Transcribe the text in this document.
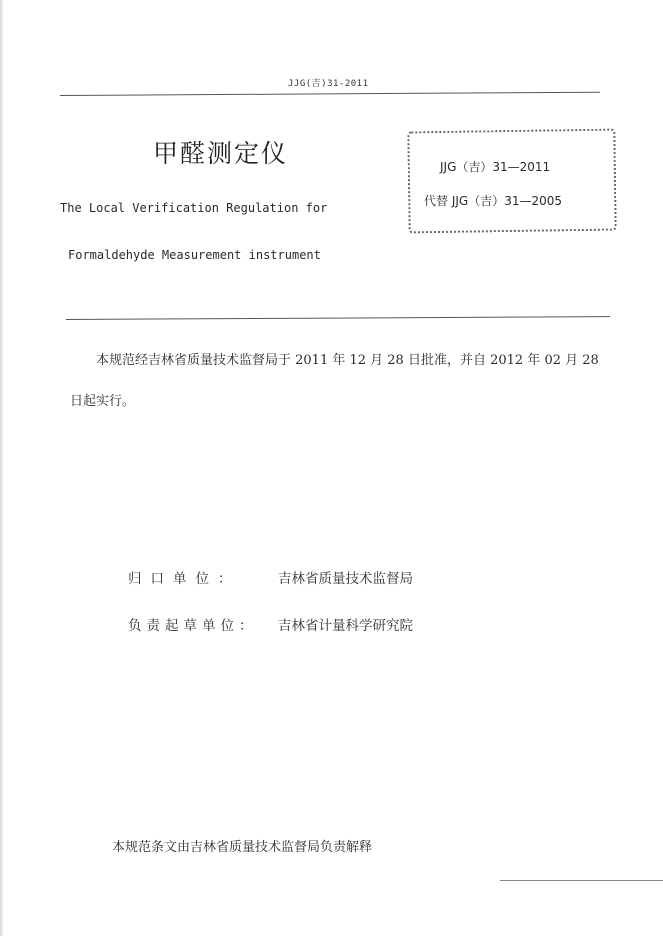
JJG(吉)31-2011
甲醛测定仪
The Local Verification Regulation for
Formaldehyde Measurement instrument
JJG（吉）31—2011
代替 JJG（吉）31—2005
本规范经吉林省质量技术监督局于 2011 年 12 月 28 日批准，并自 2012 年 02 月 28 日起实行。
归口单位：	吉林省质量技术监督局
负责起草单位： 吉林省计量科学研究院
本规范条文由吉林省质量技术监督局负责解释
